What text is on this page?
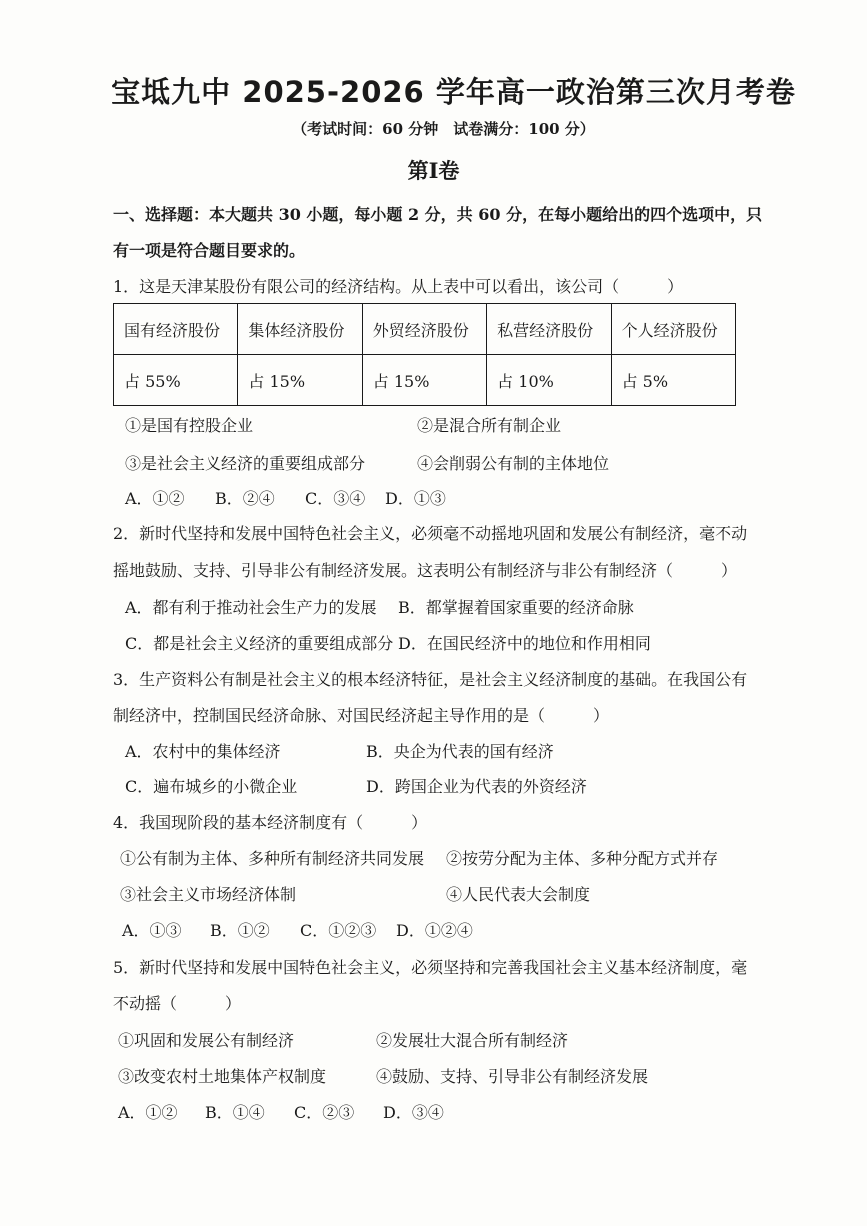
宝坻九中 2025-2026 学年高一政治第三次月考卷
（考试时间：60 分钟　试卷满分：100 分）
第I卷
一、选择题：本大题共 30 小题，每小题 2 分，共 60 分，在每小题给出的四个选项中，只
有一项是符合题目要求的。
1．这是天津某股份有限公司的经济结构。从上表中可以看出，该公司（　　　）
国有经济股份	集体经济股份	外贸经济股份	私营经济股份	个人经济股份
占 55%	占 15%	占 15%	占 10%	占 5%
①是国有控股企业	②是混合所有制企业
③是社会主义经济的重要组成部分	④会削弱公有制的主体地位
A．①② B．②④ C．③④ D．①③
2．新时代坚持和发展中国特色社会主义，必须毫不动摇地巩固和发展公有制经济，毫不动
摇地鼓励、支持、引导非公有制经济发展。这表明公有制经济与非公有制经济（　　　）
A．都有利于推动社会生产力的发展 B．都掌握着国家重要的经济命脉
C．都是社会主义经济的重要组成部分 D．在国民经济中的地位和作用相同
3．生产资料公有制是社会主义的根本经济特征，是社会主义经济制度的基础。在我国公有
制经济中，控制国民经济命脉、对国民经济起主导作用的是（　　　）
A．农村中的集体经济	B．央企为代表的国有经济
C．遍布城乡的小微企业	D．跨国企业为代表的外资经济
4．我国现阶段的基本经济制度有（　　　）
①公有制为主体、多种所有制经济共同发展 ②按劳分配为主体、多种分配方式并存
③社会主义市场经济体制	④人民代表大会制度
A．①③ B．①② C．①②③ D．①②④
5．新时代坚持和发展中国特色社会主义，必须坚持和完善我国社会主义基本经济制度，毫
不动摇（　　　）
①巩固和发展公有制经济	②发展壮大混合所有制经济
③改变农村土地集体产权制度	④鼓励、支持、引导非公有制经济发展
A．①② B．①④ C．②③ D．③④
